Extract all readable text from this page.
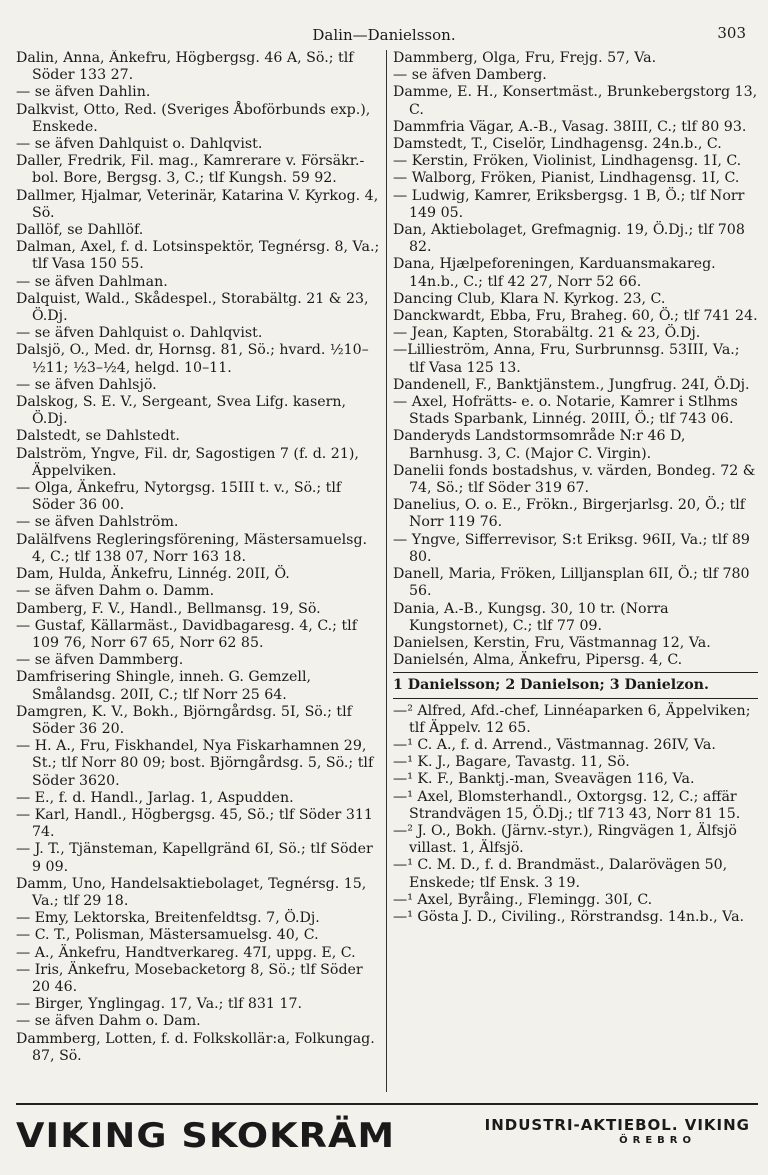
Dalin—Danielsson.	303

Dalin, Anna, Änkefru, Högbergsg. 46 A, Sö.; tlf Söder 133 27.

— se äfven Dahlin.

Dalkvist, Otto, Red. (Sveriges Åboförbunds exp.), Enskede.

— se äfven Dahlquist o. Dahlqvist.

Daller, Fredrik, Fil. mag., Kamrerare v. Försäkr.-bol. Bore, Bergsg. 3, C.; tlf Kungsh. 59 92.

Dallmer, Hjalmar, Veterinär, Katarina V. Kyrkog. 4, Sö.

Dallöf, se Dahllöf.

Dalman, Axel, f. d. Lotsinspektör, Tegnérsg. 8, Va.; tlf Vasa 150 55.

— se äfven Dahlman.

Dalquist, Wald., Skådespel., Storabältg. 21 & 23, Ö.Dj.

— se äfven Dahlquist o. Dahlqvist.

Dalsjö, O., Med. dr, Hornsg. 81, Sö.; hvard. ½10–½11; ½3–½4, helgd. 10–11.

— se äfven Dahlsjö.

Dalskog, S. E. V., Sergeant, Svea Lifg. kasern, Ö.Dj.

Dalstedt, se Dahlstedt.

Dalström, Yngve, Fil. dr, Sagostigen 7 (f. d. 21), Äppelviken.

— Olga, Änkefru, Nytorgsg. 15III t. v., Sö.; tlf Söder 36 00.

— se äfven Dahlström.

Dalälfvens Regleringsförening, Mästersamuelsg. 4, C.; tlf 138 07, Norr 163 18.

Dam, Hulda, Änkefru, Linnég. 20II, Ö.

— se äfven Dahm o. Damm.

Damberg, F. V., Handl., Bellmansg. 19, Sö.

— Gustaf, Källarmäst., Davidbagaresg. 4, C.; tlf 109 76, Norr 67 65, Norr 62 85.

— se äfven Dammberg.

Damfrisering Shingle, inneh. G. Gemzell, Smålandsg. 20II, C.; tlf Norr 25 64.

Damgren, K. V., Bokh., Björngårdsg. 5I, Sö.; tlf Söder 36 20.

— H. A., Fru, Fiskhandel, Nya Fiskarhamnen 29, St.; tlf Norr 80 09; bost. Björngårdsg. 5, Sö.; tlf Söder 3620.

— E., f. d. Handl., Jarlag. 1, Aspudden.

— Karl, Handl., Högbergsg. 45, Sö.; tlf Söder 311 74.

— J. T., Tjänsteman, Kapellgränd 6I, Sö.; tlf Söder 9 09.

Damm, Uno, Handelsaktiebolaget, Tegnérsg. 15, Va.; tlf 29 18.

— Emy, Lektorska, Breitenfeldtsg. 7, Ö.Dj.

— C. T., Polisman, Mästersamuelsg. 40, C.

— A., Änkefru, Handtverkareg. 47I, uppg. E, C.

— Iris, Änkefru, Mosebacketorg 8, Sö.; tlf Söder 20 46.

— Birger, Ynglingag. 17, Va.; tlf 831 17.

— se äfven Dahm o. Dam.

Dammberg, Lotten, f. d. Folkskollär:a, Folkungag. 87, Sö.

Dammberg, Olga, Fru, Frejg. 57, Va.

— se äfven Damberg.

Damme, E. H., Konsertmäst., Brunkebergstorg 13, C.

Dammfria Vägar, A.-B., Vasag. 38III, C.; tlf 80 93.

Damstedt, T., Ciselör, Lindhagensg. 24n.b., C.

— Kerstin, Fröken, Violinist, Lindhagensg. 1I, C.

— Walborg, Fröken, Pianist, Lindhagensg. 1I, C.

— Ludwig, Kamrer, Eriksbergsg. 1 B, Ö.; tlf Norr 149 05.

Dan, Aktiebolaget, Grefmagnig. 19, Ö.Dj.; tlf 708 82.

Dana, Hjælpeforeningen, Karduansmakareg. 14n.b., C.; tlf 42 27, Norr 52 66.

Dancing Club, Klara N. Kyrkog. 23, C.

Danckwardt, Ebba, Fru, Braheg. 60, Ö.; tlf 741 24.

— Jean, Kapten, Storabältg. 21 & 23, Ö.Dj.

—Lillieström, Anna, Fru, Surbrunnsg. 53III, Va.; tlf Vasa 125 13.

Dandenell, F., Banktjänstem., Jungfrug. 24I, Ö.Dj.

— Axel, Hofrätts- e. o. Notarie, Kamrer i Stlhms Stads Sparbank, Linnég. 20III, Ö.; tlf 743 06.

Danderyds Landstormsområde N:r 46 D, Barnhusg. 3, C. (Major C. Virgin).

Danelii fonds bostadshus, v. värden, Bondeg. 72 & 74, Sö.; tlf Söder 319 67.

Danelius, O. o. E., Frökn., Birgerjarlsg. 20, Ö.; tlf Norr 119 76.

— Yngve, Sifferrevisor, S:t Eriksg. 96II, Va.; tlf 89 80.

Danell, Maria, Fröken, Lilljansplan 6II, Ö.; tlf 780 56.

Dania, A.-B., Kungsg. 30, 10 tr. (Norra Kungstornet), C.; tlf 77 09.

Danielsen, Kerstin, Fru, Västmannag 12, Va.

Danielsén, Alma, Änkefru, Pipersg. 4, C.

1 Danielsson; 2 Danielson; 3 Danielzon.

—² Alfred, Afd.-chef, Linnéaparken 6, Äppelviken; tlf Äppelv. 12 65.

—¹ C. A., f. d. Arrend., Västmannag. 26IV, Va.

—¹ K. J., Bagare, Tavastg. 11, Sö.

—¹ K. F., Banktj.-man, Sveavägen 116, Va.

—¹ Axel, Blomsterhandl., Oxtorgsg. 12, C.; affär Strandvägen 15, Ö.Dj.; tlf 713 43, Norr 81 15.

—² J. O., Bokh. (Järnv.-styr.), Ringvägen 1, Älfsjö villast. 1, Älfsjö.

—¹ C. M. D., f. d. Brandmäst., Dalarövägen 50, Enskede; tlf Ensk. 3 19.

—¹ Axel, Byråing., Flemingg. 30I, C.

—¹ Gösta J. D., Civiling., Rörstrandsg. 14n.b., Va.

VIKING SKOKRÄM	INDUSTRI-AKTIEBOL. VIKING
ÖREBRO
